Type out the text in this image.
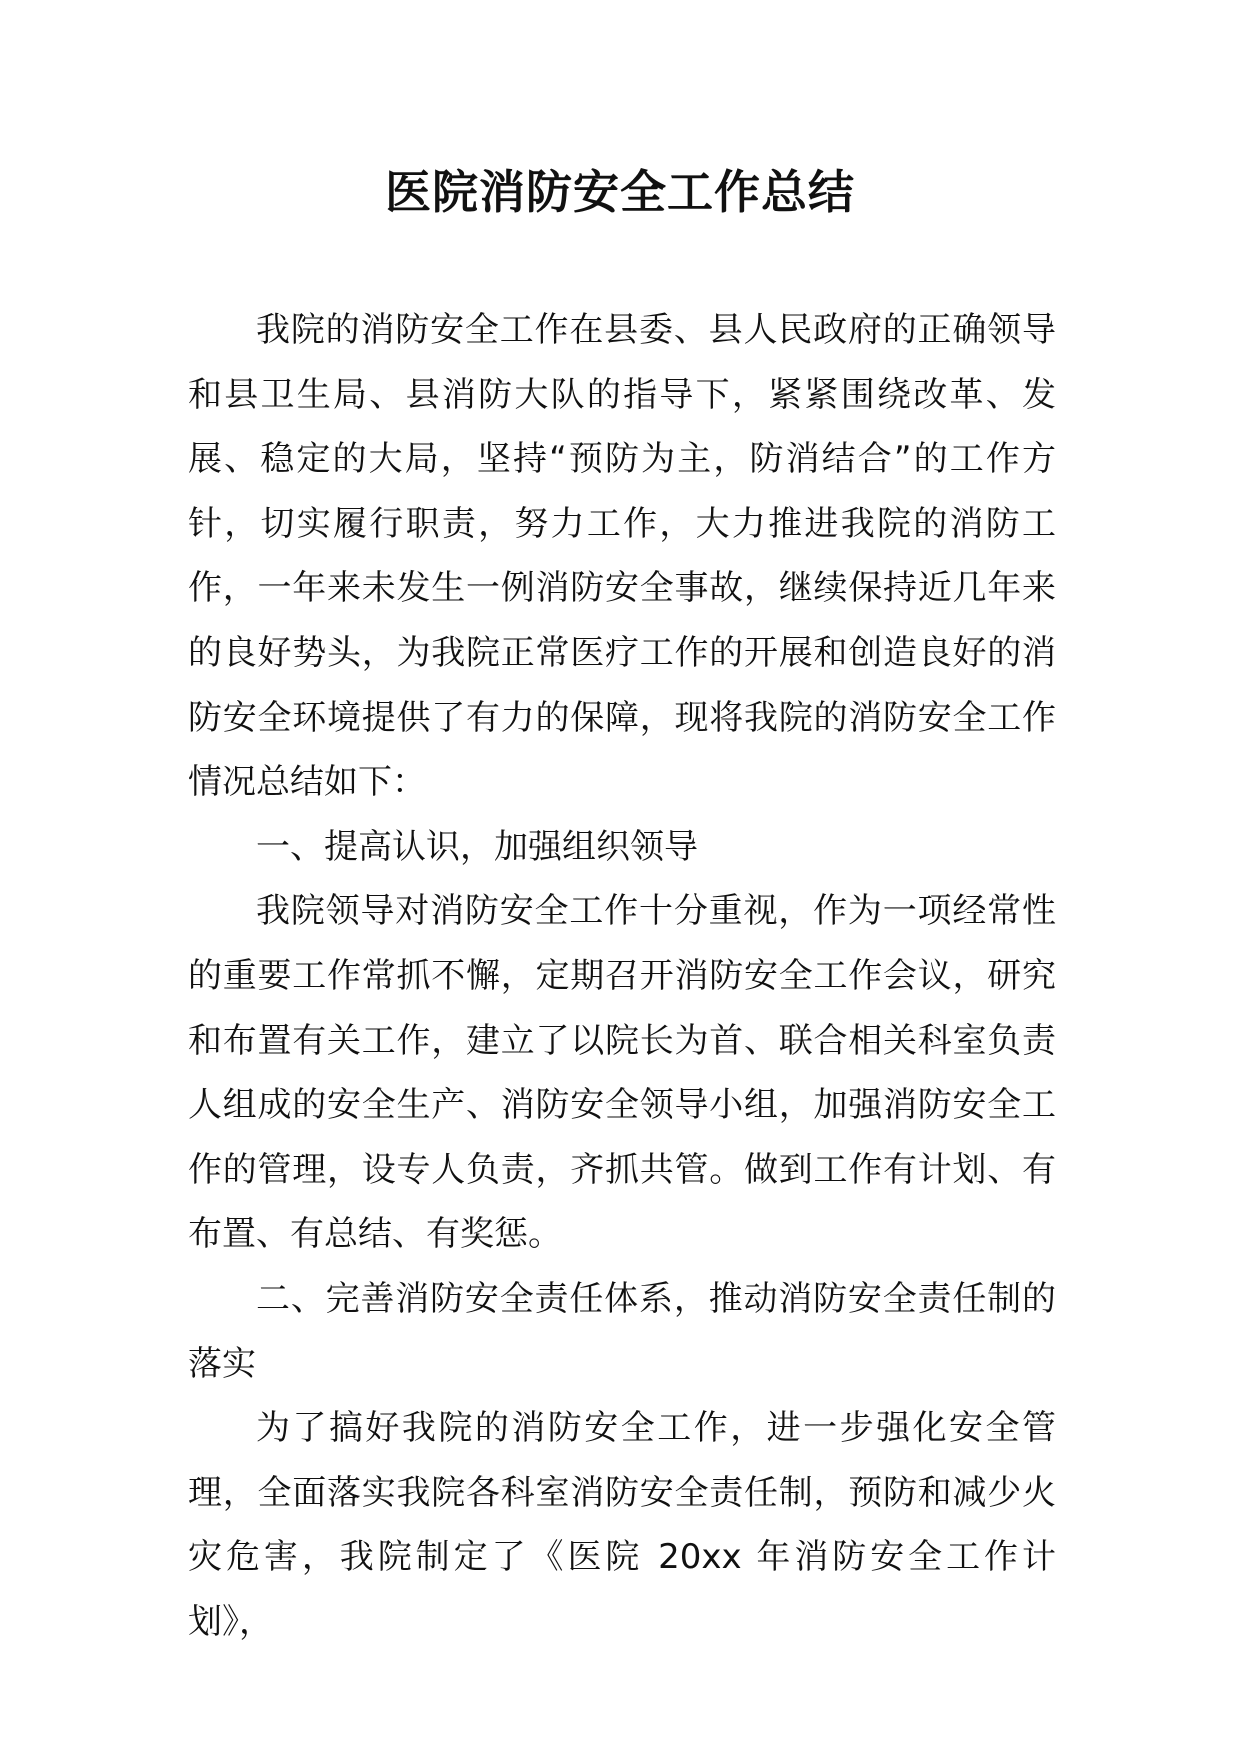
医院消防安全工作总结

我院的消防安全工作在县委、县人民政府的正确领导和县卫生局、县消防大队的指导下，紧紧围绕改革、发展、稳定的大局，坚持“预防为主，防消结合”的工作方针，切实履行职责，努力工作，大力推进我院的消防工作，一年来未发生一例消防安全事故，继续保持近几年来的良好势头，为我院正常医疗工作的开展和创造良好的消防安全环境提供了有力的保障，现将我院的消防安全工作情况总结如下：

一、提高认识，加强组织领导

我院领导对消防安全工作十分重视，作为一项经常性的重要工作常抓不懈，定期召开消防安全工作会议，研究和布置有关工作，建立了以院长为首、联合相关科室负责人组成的安全生产、消防安全领导小组，加强消防安全工作的管理，设专人负责，齐抓共管。做到工作有计划、有布置、有总结、有奖惩。

二、完善消防安全责任体系，推动消防安全责任制的落实

为了搞好我院的消防安全工作，进一步强化安全管理，全面落实我院各科室消防安全责任制，预防和减少火灾危害，我院制定了《医院 20xx 年消防安全工作计划》，
